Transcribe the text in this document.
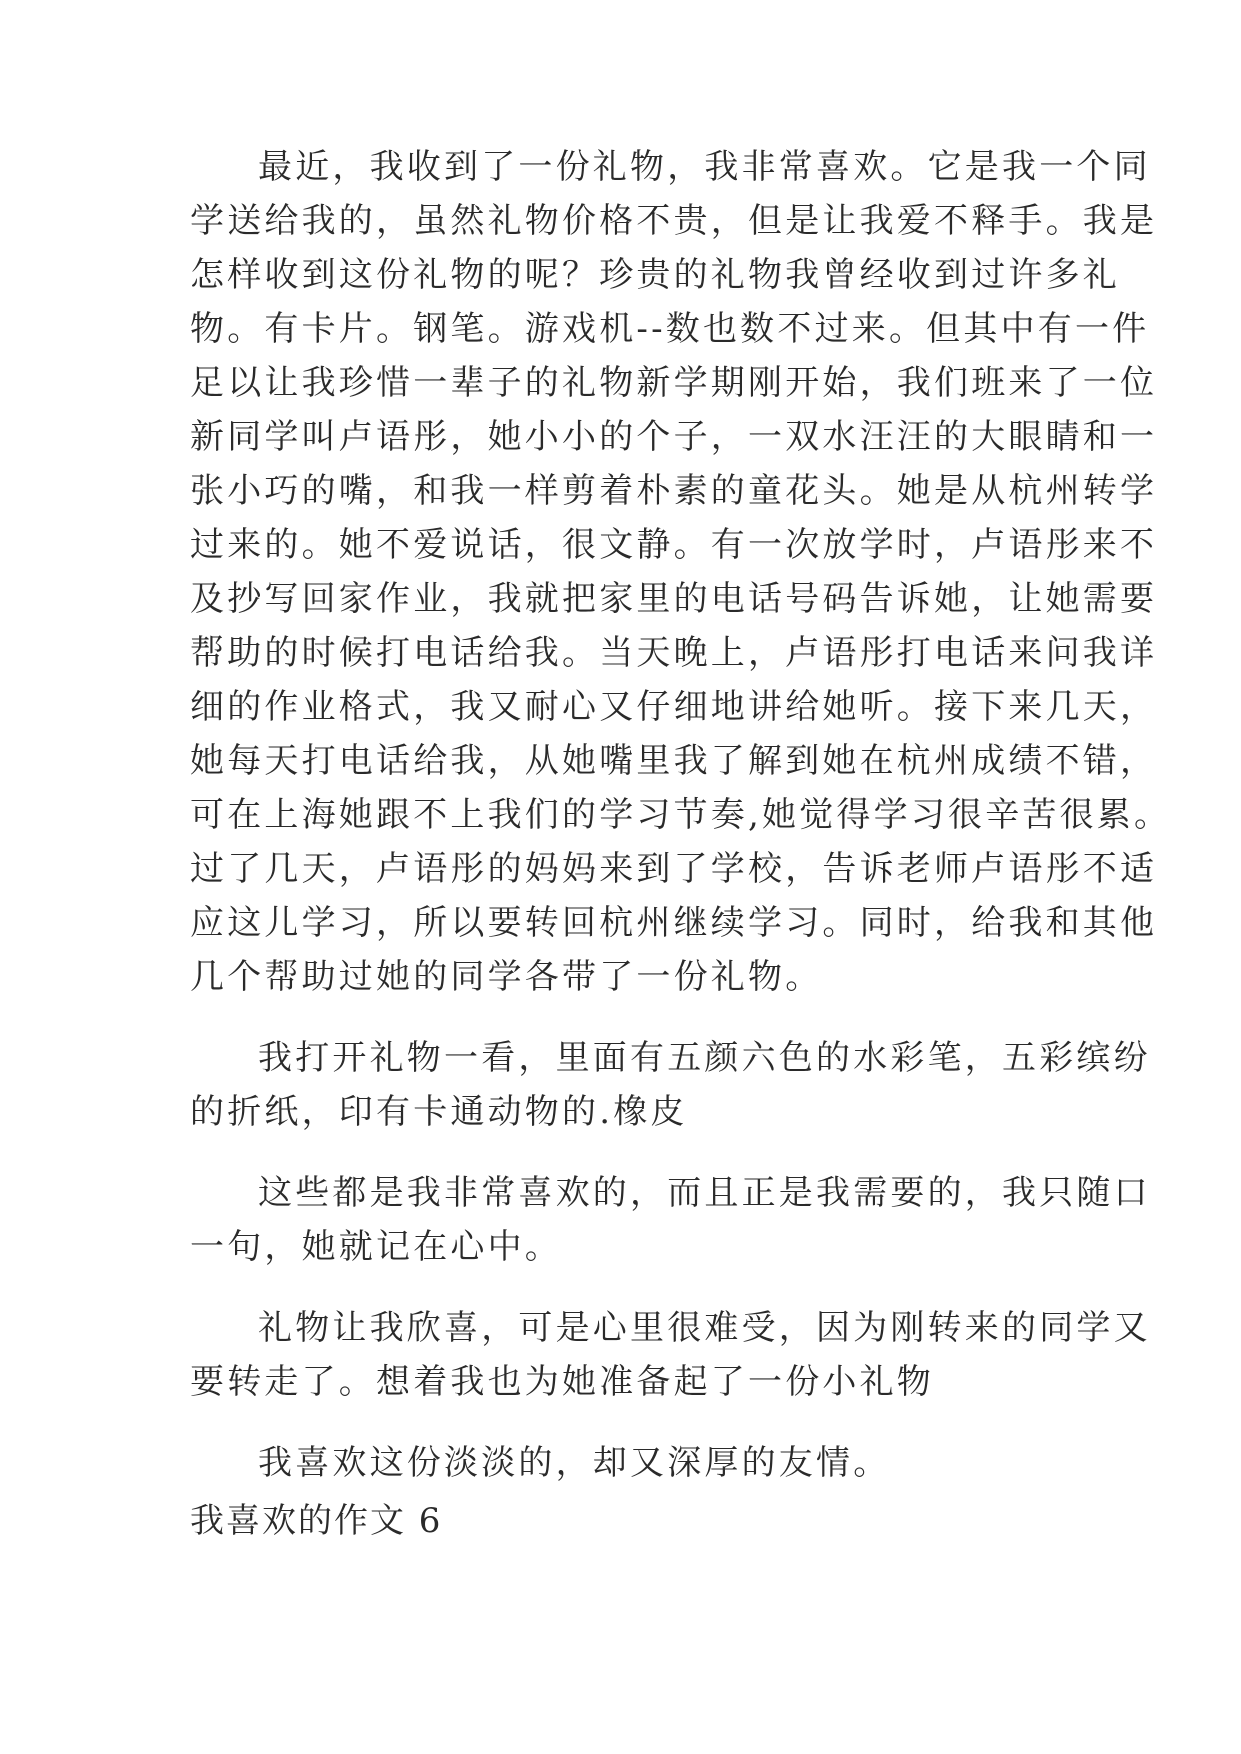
最近，我收到了一份礼物，我非常喜欢。它是我一个同
学送给我的，虽然礼物价格不贵，但是让我爱不释手。我是
怎样收到这份礼物的呢？珍贵的礼物我曾经收到过许多礼
物。有卡片。钢笔。游戏机--数也数不过来。但其中有一件
足以让我珍惜一辈子的礼物新学期刚开始，我们班来了一位
新同学叫卢语彤，她小小的个子，一双水汪汪的大眼睛和一
张小巧的嘴，和我一样剪着朴素的童花头。她是从杭州转学
过来的。她不爱说话，很文静。有一次放学时，卢语彤来不
及抄写回家作业，我就把家里的电话号码告诉她，让她需要
帮助的时候打电话给我。当天晚上，卢语彤打电话来问我详
细的作业格式，我又耐心又仔细地讲给她听。接下来几天，
她每天打电话给我，从她嘴里我了解到她在杭州成绩不错，
可在上海她跟不上我们的学习节奏,她觉得学习很辛苦很累。
过了几天，卢语彤的妈妈来到了学校，告诉老师卢语彤不适
应这儿学习，所以要转回杭州继续学习。同时，给我和其他
几个帮助过她的同学各带了一份礼物。
我打开礼物一看，里面有五颜六色的水彩笔，五彩缤纷
的折纸，印有卡通动物的.橡皮
这些都是我非常喜欢的，而且正是我需要的，我只随口
一句，她就记在心中。
礼物让我欣喜，可是心里很难受，因为刚转来的同学又
要转走了。想着我也为她准备起了一份小礼物
我喜欢这份淡淡的，却又深厚的友情。
我喜欢的作文 6
